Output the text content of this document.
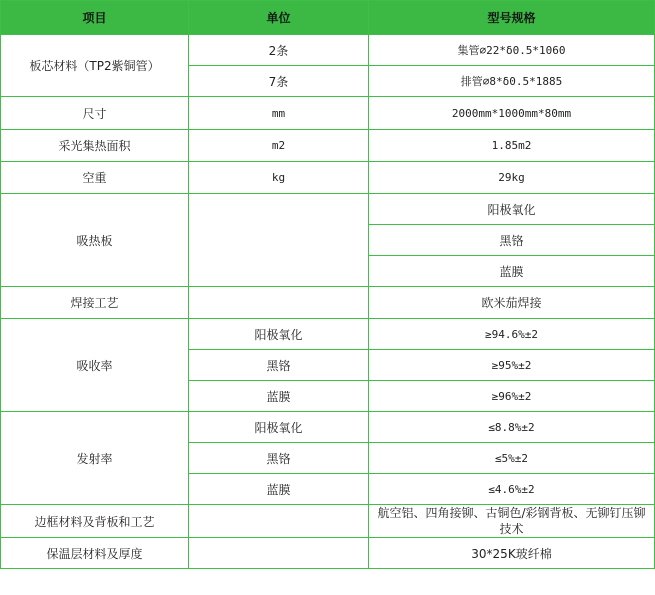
项目	单位	型号规格
板芯材料（TP2紫铜管）	2条	集管∅22*δ0.5*1060
	7条	排管∅8*δ0.5*1885
尺寸	mm	2000mm*1000mm*80mm
采光集热面积	m2	1.85m2
空重	kg	29kg
吸热板		阳极氧化
		黑铬
		蓝膜
焊接工艺		欧米茄焊接
吸收率	阳极氧化	≥94.6%±2
	黑铬	≥95%±2
	蓝膜	≥96%±2
发射率	阳极氧化	≤8.8%±2
	黑铬	≤5%±2
	蓝膜	≤4.6%±2
边框材料及背板和工艺		航空铝、四角接铆、古铜色/彩钢背板、无铆钉压铆技术
保温层材料及厚度		30*25K玻纤棉
